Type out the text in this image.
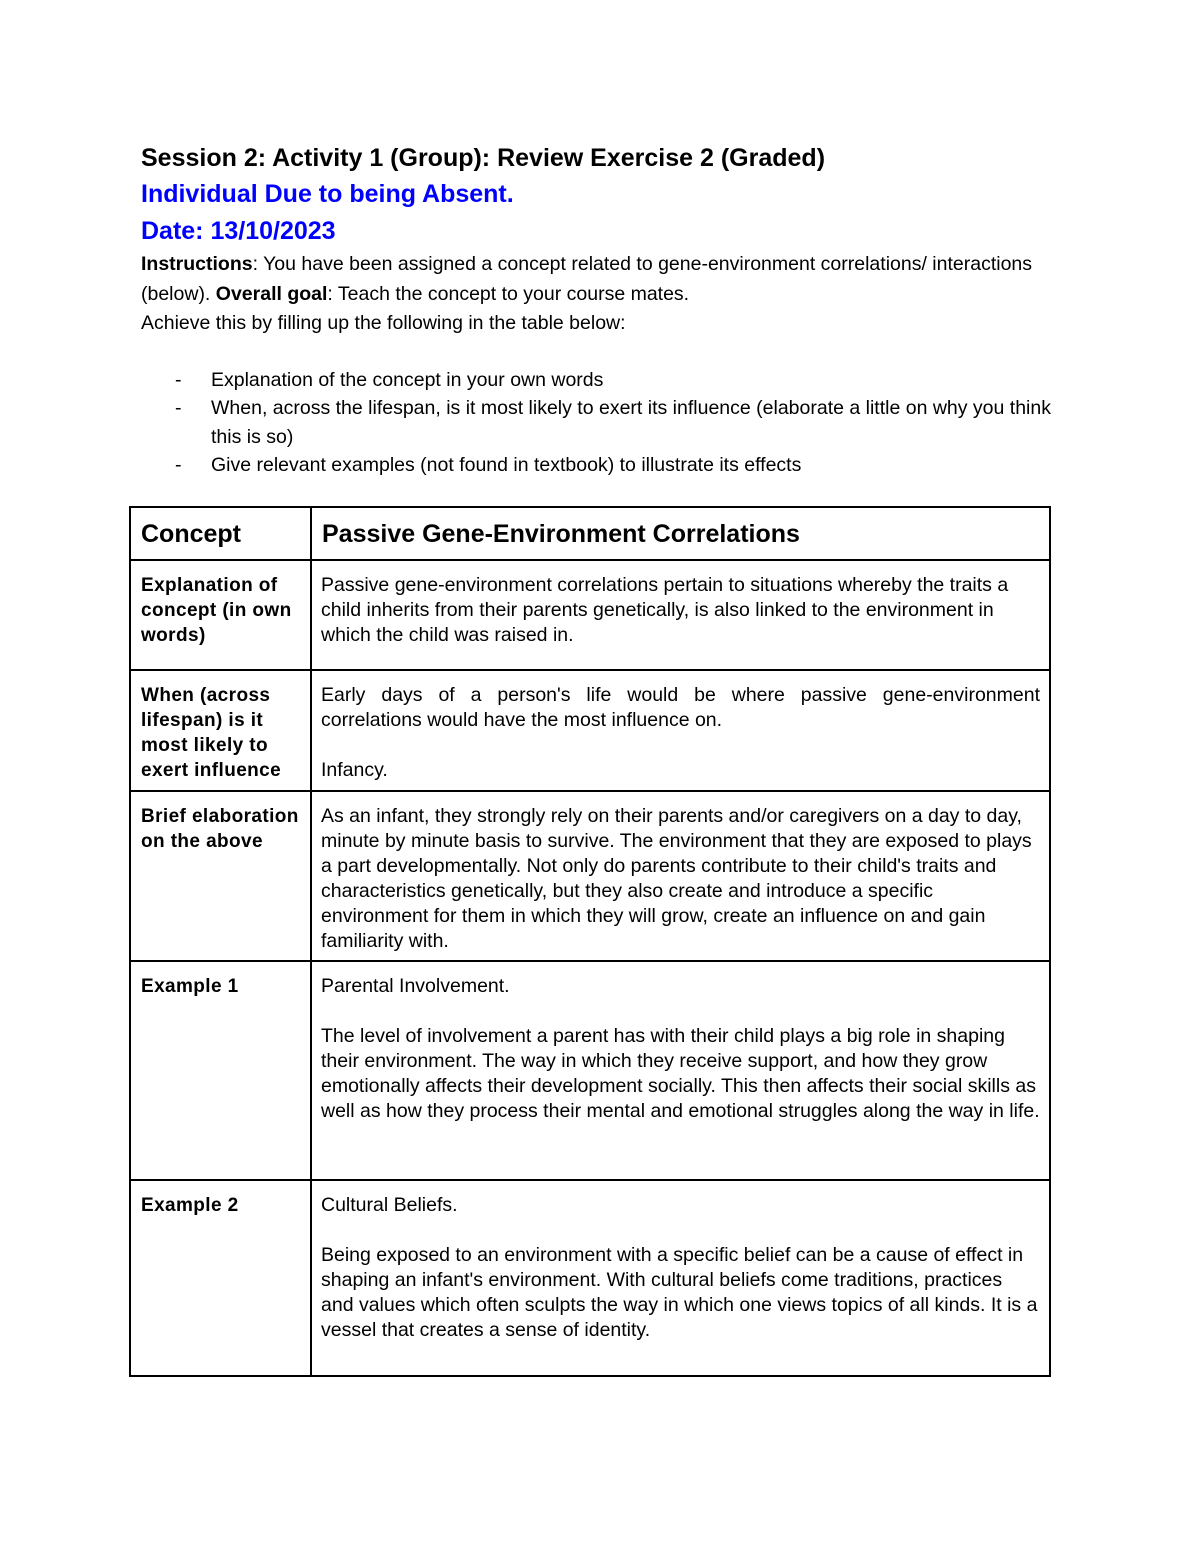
Session 2: Activity 1 (Group): Review Exercise 2 (Graded)
Individual Due to being Absent.
Date: 13/10/2023

Instructions: You have been assigned a concept related to gene-environment correlations/ interactions (below). Overall goal: Teach the concept to your course mates.
Achieve this by filling up the following in the table below:

- Explanation of the concept in your own words
- When, across the lifespan, is it most likely to exert its influence (elaborate a little on why you think this is so)
- Give relevant examples (not found in textbook) to illustrate its effects
Concept	Passive Gene-Environment Correlations
Explanation of concept (in own words)	Passive gene-environment correlations pertain to situations whereby the traits a child inherits from their parents genetically, is also linked to the environment in which the child was raised in.

When (across lifespan) is it most likely to exert influence	Early days of a person's life would be where passive gene-environment correlations would have the most influence on.

Infancy.

Brief elaboration on the above	As an infant, they strongly rely on their parents and/or caregivers on a day to day, minute by minute basis to survive. The environment that they are exposed to plays a part developmentally. Not only do parents contribute to their child's traits and characteristics genetically, but they also create and introduce a specific environment for them in which they will grow, create an influence on and gain familiarity with.

Example 1	Parental Involvement.

The level of involvement a parent has with their child plays a big role in shaping their environment. The way in which they receive support, and how they grow emotionally affects their development socially. This then affects their social skills as well as how they process their mental and emotional struggles along the way in life.

Example 2	Cultural Beliefs.

Being exposed to an environment with a specific belief can be a cause of effect in shaping an infant's environment. With cultural beliefs come traditions, practices and values which often sculpts the way in which one views topics of all kinds. It is a vessel that creates a sense of identity.
